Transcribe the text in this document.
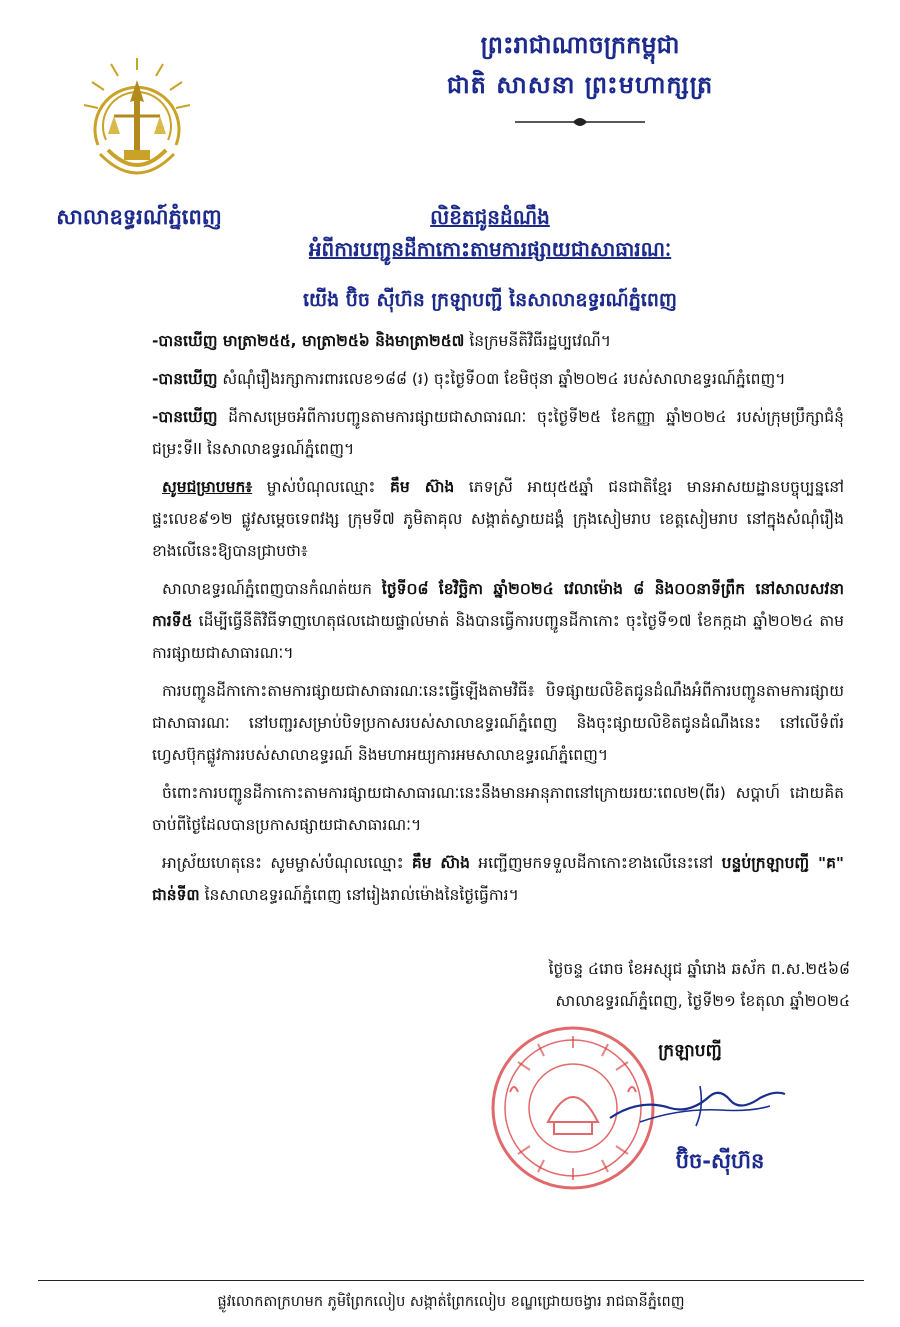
សាលាឧទ្ធរណ៍ភ្នំពេញ
ព្រះរាជាណាចក្រកម្ពុជា
ជាតិ សាសនា ព្រះមហាក្សត្រ
លិខិតជូនដំណឹង
អំពីការបញ្ជូនដីកាកោះតាមការផ្សាយជាសាធារណៈ
យើង ប៊ិច ស៊ីហ៊ន ក្រឡាបញ្ជី នៃសាលាឧទ្ធរណ៍ភ្នំពេញ

-បានឃើញ មាត្រា២៥៥, មាត្រា២៥៦ និងមាត្រា២៥៧ នៃក្រមនីតិវិធីរដ្ឋប្បវេណី។

-បានឃើញ សំណុំរឿងរក្សាការពារលេខ១៨៨ (រ) ចុះថ្ងៃទី០៣ ខែមិថុនា ឆ្នាំ២០២៤ របស់សាលាឧទ្ធរណ៍ភ្នំពេញ។

-បានឃើញ ដីកាសម្រេចអំពីការបញ្ជូនតាមការផ្សាយជាសាធារណៈ ចុះថ្ងៃទី២៥ ខែកញ្ញា ឆ្នាំ២០២៤ របស់ក្រុមប្រឹក្សាជំនុំជម្រះទីII នៃសាលាឧទ្ធរណ៍ភ្នំពេញ។

សូមជម្រាបមក៖ ម្ចាស់បំណុលឈ្មោះ គឹម ស៊ាង ភេទស្រី អាយុ៥៥ឆ្នាំ ជនជាតិខ្មែរ មានអាសយដ្ឋានបច្ចុប្បន្ននៅផ្ទះលេខ៩១២ ផ្លូវសម្តេចទេពវង្ស ក្រុមទី៧ ភូមិតាគុល សង្កាត់ស្វាយដង្គំ ក្រុងសៀមរាប ខេត្តសៀមរាប នៅក្នុងសំណុំរឿងខាងលើនេះឱ្យបានជ្រាបថា៖

សាលាឧទ្ធរណ៍ភ្នំពេញបានកំណត់យក ថ្ងៃទី០៨ ខែវិច្ឆិកា ឆ្នាំ២០២៤ វេលាម៉ោង ៨ និង០០នាទីព្រឹក នៅសាលសវនាការទី៥ ដើម្បីធ្វើនីតិវិធីទាញហេតុផលដោយផ្ទាល់មាត់ និងបានធ្វើការបញ្ជូនដីកាកោះ ចុះថ្ងៃទី១៧ ខែកក្កដា ឆ្នាំ២០២៤ តាមការផ្សាយជាសាធារណៈ។

ការបញ្ជូនដីកាកោះតាមការផ្សាយជាសាធារណៈនេះធ្វើឡើងតាមវិធី៖ បិទផ្សាយលិខិតជូនដំណឹងអំពីការបញ្ជូនតាមការផ្សាយជាសាធារណៈ នៅបញ្ជរសម្រាប់បិទប្រកាសរបស់សាលាឧទ្ធរណ៍ភ្នំពេញ និងចុះផ្សាយលិខិតជូនដំណឹងនេះ នៅលើទំព័រហ្វេសប៊ុកផ្លូវការរបស់សាលាឧទ្ធរណ៍ និងមហាអយ្យការអមសាលាឧទ្ធរណ៍ភ្នំពេញ។

ចំពោះការបញ្ជូនដីកាកោះតាមការផ្សាយជាសាធារណៈនេះនឹងមានអានុភាពនៅក្រោយរយៈពេល២(ពីរ) សប្ដាហ៍ ដោយគិតចាប់ពីថ្ងៃដែលបានប្រកាសផ្សាយជាសាធារណៈ។

អាស្រ័យហេតុនេះ សូមម្ចាស់បំណុលឈ្មោះ គឹម ស៊ាង អញ្ជើញមកទទួលដីកាកោះខាងលើនេះនៅ បន្ទប់ក្រឡាបញ្ជី "គ" ជាន់ទី៣ នៃសាលាឧទ្ធរណ៍ភ្នំពេញ នៅរៀងរាល់ម៉ោងនៃថ្ងៃធ្វើការ។

ថ្ងៃចន្ទ ៤រោច ខែអស្សុជ ឆ្នាំរោង ឆស័ក ព.ស.២៥៦៨
សាលាឧទ្ធរណ៍ភ្នំពេញ, ថ្ងៃទី២១ ខែតុលា ឆ្នាំ២០២៤
ក្រឡាបញ្ជី
ប៊ិច-ស៊ីហ៊ន
ផ្លូវលោកតាក្រហមក ភូមិព្រែកលៀប សង្កាត់ព្រែកលៀប ខណ្ឌជ្រោយចង្វារ រាជធានីភ្នំពេញ
